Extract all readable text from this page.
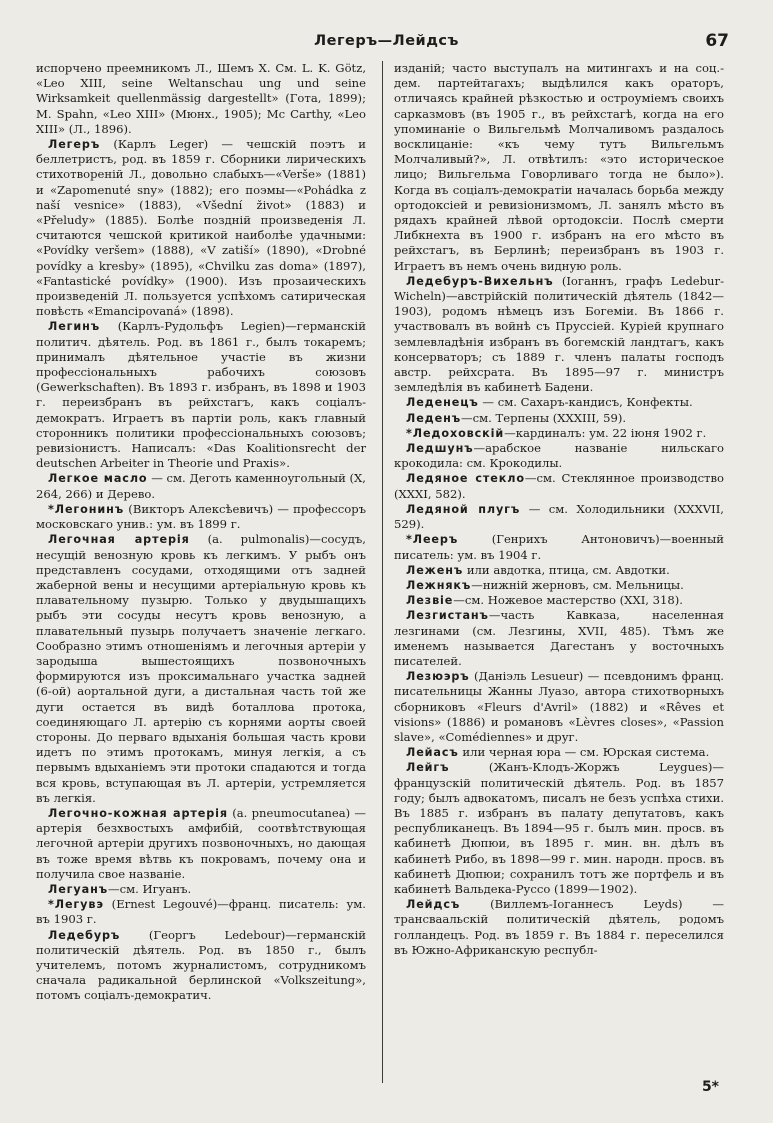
Легеръ—Лейдсъ	67

испорчено преемникомъ Л., Шемъ X. Cм. L. K. Götz, «Leo XIII, seine Weltanschau ung und seine Wirksamkeit quellenmässig dargestellt» (Гота, 1899); M. Spahn, «Leo XIII» (Мюнх., 1905); Mc Carthy, «Leo XIII» (Л., 1896).

Легеръ (Карлъ Leger) — чешскій поэтъ и беллетристъ, род. въ 1859 г. Сборники лирическихъ стихотвореній Л., довольно слабыхъ—«Verše» (1881) и «Zapomenuté sny» (1882); его поэмы—«Pohádka z naší vesnice» (1883), «Všední život» (1883) и «Přeludy» (1885). Болѣе поздній произведенія Л. считаются чешской критикой наиболѣе удачными: «Povídky veršem» (1888), «V zatiší» (1890), «Drobné povídky a kresby» (1895), «Chvilku zas doma» (1897), «Fantastické povídky» (1900). Изъ прозаическихъ произведеній Л. пользуется успѣхомъ сатирическая повѣсть «Emancipovaná» (1898).

Легинъ (Карлъ-Рудольфъ Legien)—германскій политич. дѣятель. Род. въ 1861 г., былъ токаремъ; принималъ дѣятельное участіе въ жизни профессіональныхъ рабочихъ союзовъ (Gewerkschaften). Въ 1893 г. избранъ, въ 1898 и 1903 г. переизбранъ въ рейхстагъ, какъ соціалъ-демократъ. Играетъ въ партіи роль, какъ главный сторонникъ политики профессіональныхъ союзовъ; ревизіонистъ. Написалъ: «Das Koalitionsrecht der deutschen Arbeiter in Theorie und Praxis».

Легкое масло — см. Деготь каменноугольный (X, 264, 266) и Дерево.

*Легонинъ (Викторъ Алексѣевичъ) — профессоръ московскаго унив.: ум. въ 1899 г.

Легочная артерія (a. pulmonalis)—сосудъ, несущій венозную кровь къ легкимъ. У рыбъ онъ представленъ сосудами, отходящими отъ задней жаберной вены и несущими артеріальную кровь къ плавательному пузырю. Только у двудышащихъ рыбъ эти сосуды несутъ кровь венозную, а плавательный пузырь получаетъ значеніе легкаго. Сообразно этимъ отношеніямъ и легочныя артеріи у зародыша вышестоящихъ позвоночныхъ формируются изъ проксимальнаго участка задней (6-ой) аортальной дуги, а дистальная часть той же дуги остается въ видѣ боталлова протока, соединяющаго Л. артерію съ корнями аорты своей стороны. До перваго вдыханія большая часть крови идетъ по этимъ протокамъ, минуя легкія, а съ первымъ вдыханіемъ эти протоки спадаются и тогда вся кровь, вступающая въ Л. артеріи, устремляется въ легкія.

Легочно-кожная артерія (a. pneumocutanea) — артерія безхвостыхъ амфибій, соотвѣтствующая легочной артеріи другихъ позвоночныхъ, но дающая въ тоже время вѣтвь къ покровамъ, почему она и получила свое названіе.

Легуанъ—см. Игуанъ.

*Легувэ (Ernest Legouvé)—франц. писатель: ум. въ 1903 г.

Ледебуръ (Георгъ Ledebour)—германскій политическій дѣятель. Род. въ 1850 г., былъ учителемъ, потомъ журналистомъ, сотрудникомъ сначала радикальной берлинской «Volkszeitung», потомъ соціалъ-демократич.

изданій; часто выступалъ на митингахъ и на соц.-дем. партейтагахъ; выдѣлился какъ ораторъ, отличаясь крайней рѣзкостью и остроуміемъ своихъ сарказмовъ (въ 1905 г., въ рейхстагѣ, когда на его упоминаніе о Вильгельмѣ Молчаливомъ раздалось восклицаніе: «къ чему тутъ Вильгельмъ Молчаливый?», Л. отвѣтилъ: «это историческое лицо; Вильгельма Говорливаго тогда не было»). Когда въ соціалъ-демократіи началась борьба между ортодоксіей и ревизіонизмомъ, Л. занялъ мѣсто въ рядахъ крайней лѣвой ортодоксіи. Послѣ смерти Либкнехта въ 1900 г. избранъ на его мѣсто въ рейхстагъ, въ Берлинѣ; переизбранъ въ 1903 г. Играетъ въ немъ очень видную роль.

Ледебуръ-Вихельнъ (Іоганнъ, графъ Ledebur-Wicheln)—австрійскій политическій дѣятель (1842—1903), родомъ нѣмецъ изъ Богеміи. Въ 1866 г. участвовалъ въ войнѣ съ Пруссіей. Куріей крупнаго землевладѣнія избранъ въ богемскій ландтагъ, какъ консерваторъ; съ 1889 г. членъ палаты господъ австр. рейхсрата. Въ 1895—97 г. министръ земледѣлія въ кабинетѣ Бадени.

Леденецъ — см. Сахаръ-кандисъ, Конфекты.

Леденъ—см. Терпены (XXXIII, 59).

*Ледоховскій—кардиналъ: ум. 22 іюня 1902 г.

Ледшунъ—арабское названіе нильскаго крокодила: см. Крокодилы.

Ледяное стекло—см. Стеклянное производство (XXXI, 582).

Ледяной плугъ — см. Холодильники (XXXVII, 529).

*Лееръ (Генрихъ Антоновичъ)—военный писатель: ум. въ 1904 г.

Леженъ или авдотка, птица, см. Авдотки.

Лежнякъ—нижній жерновъ, см. Мельницы.

Лезвіе—см. Ножевое мастерство (XXI, 318).

Лезгистанъ—часть Кавказа, населенная лезгинами (см. Лезгины, XVII, 485). Тѣмъ же именемъ называется Дагестанъ у восточныхъ писателей.

Лезюэръ (Даніэль Lesueur) — псевдонимъ франц. писательницы Жанны Луазо, автора стихотворныхъ сборниковъ «Fleurs d'Avril» (1882) и «Rêves et visions» (1886) и романовъ «Lèvres closes», «Passion slave», «Comédiennes» и друг.

Лейасъ или черная юра — см. Юрская система.

Лейгъ (Жанъ-Клодъ-Жоржъ Leygues)—французскій политическій дѣятель. Род. въ 1857 году; былъ адвокатомъ, писалъ не безъ успѣха стихи. Въ 1885 г. избранъ въ палату депутатовъ, какъ республиканецъ. Въ 1894—95 г. былъ мин. просв. въ кабинетѣ Дюпюи, въ 1895 г. мин. вн. дѣлъ въ кабинетѣ Рибо, въ 1898—99 г. мин. народн. просв. въ кабинетѣ Дюпюи; сохранилъ тотъ же портфель и въ кабинетѣ Вальдека-Руссо (1899—1902).

Лейдсъ (Виллемъ-Іоганнесъ Leyds) — трансваальскій политическій дѣятель, родомъ голландецъ. Род. въ 1859 г. Въ 1884 г. переселился въ Южно-Африканскую республ-

5*
